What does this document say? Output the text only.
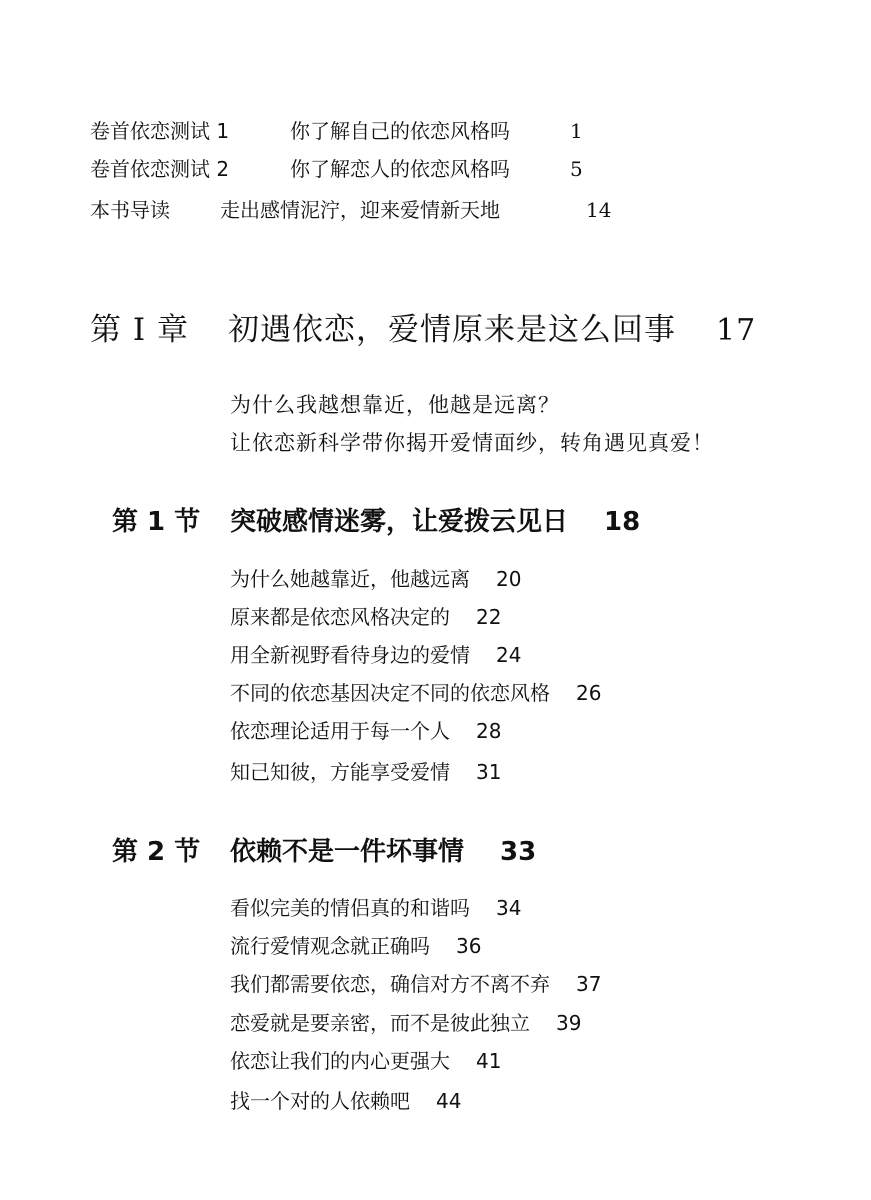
卷首依恋测试 1	你了解自己的依恋风格吗	1
卷首依恋测试 2	你了解恋人的依恋风格吗	5
本书导读	走出感情泥泞，迎来爱情新天地	14
第 I 章 初遇依恋，爱情原来是这么回事 17
为什么我越想靠近，他越是远离？
让依恋新科学带你揭开爱情面纱，转角遇见真爱！
第 1 节 突破感情迷雾，让爱拨云见日 18
为什么她越靠近，他越远离 20
原来都是依恋风格决定的 22
用全新视野看待身边的爱情 24
不同的依恋基因决定不同的依恋风格 26
依恋理论适用于每一个人 28
知己知彼，方能享受爱情 31
第 2 节 依赖不是一件坏事情 33
看似完美的情侣真的和谐吗 34
流行爱情观念就正确吗 36
我们都需要依恋，确信对方不离不弃 37
恋爱就是要亲密，而不是彼此独立 39
依恋让我们的内心更强大 41
找一个对的人依赖吧 44
